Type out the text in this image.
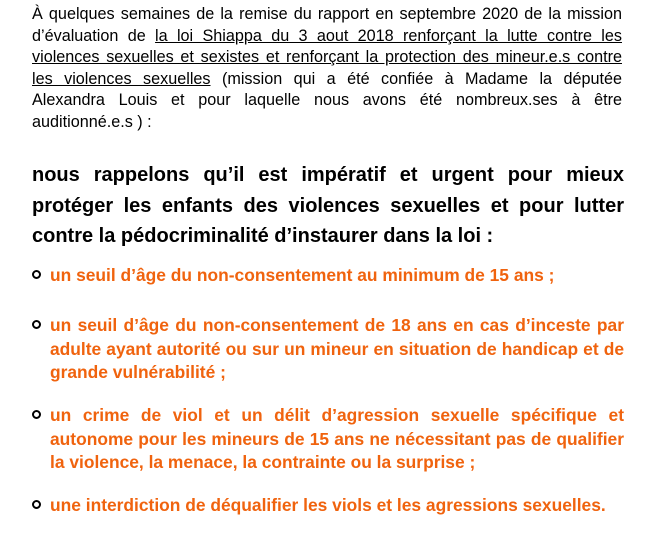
À quelques semaines de la remise du rapport en septembre 2020 de la mission d’évaluation de la loi Shiappa du 3 aout 2018 renforçant la lutte contre les violences sexuelles et sexistes et renforçant la protection des mineur.e.s contre les violences sexuelles (mission qui a été confiée à Madame la députée Alexandra Louis et pour laquelle nous avons été nombreux.ses à être auditionné.e.s ) :

nous rappelons qu’il est impératif et urgent pour mieux protéger les enfants des violences sexuelles et pour lutter contre la pédocriminalité d’instaurer dans la loi :

un seuil d’âge du non-consentement au minimum de 15 ans ;

un seuil d’âge du non-consentement de 18 ans en cas d’inceste par adulte ayant autorité ou sur un mineur en situation de handicap et de grande vulnérabilité ;

un crime de viol et un délit d’agression sexuelle spécifique et autonome pour les mineurs de 15 ans ne nécessitant pas de qualifier la violence, la menace, la contrainte ou la surprise ;

une interdiction de déqualifier les viols et les agressions sexuelles.
